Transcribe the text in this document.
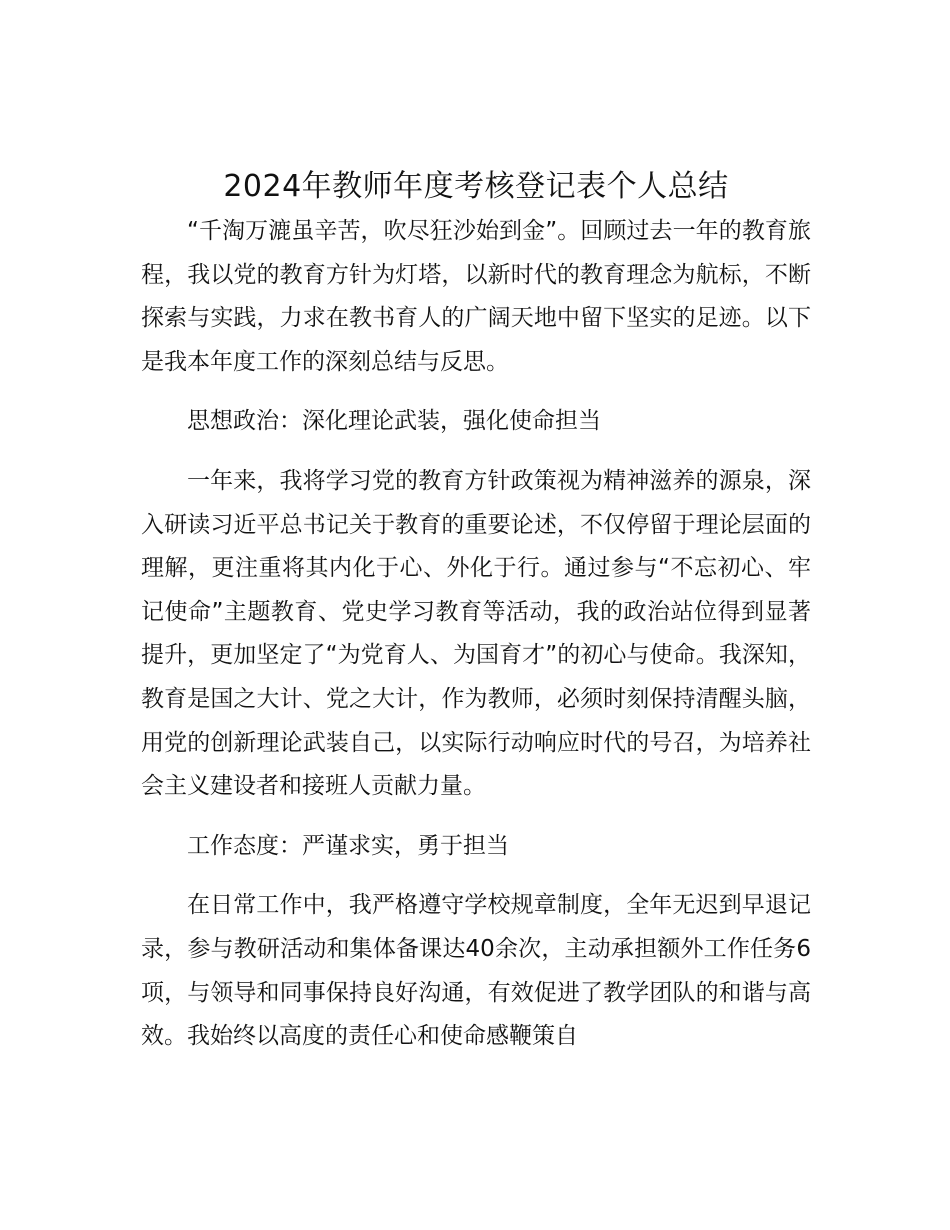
2024年教师年度考核登记表个人总结

“千淘万漉虽辛苦，吹尽狂沙始到金”。回顾过去一年的教育旅程，我以党的教育方针为灯塔，以新时代的教育理念为航标，不断探索与实践，力求在教书育人的广阔天地中留下坚实的足迹。以下是我本年度工作的深刻总结与反思。

思想政治：深化理论武装，强化使命担当

一年来，我将学习党的教育方针政策视为精神滋养的源泉，深入研读习近平总书记关于教育的重要论述，不仅停留于理论层面的理解，更注重将其内化于心、外化于行。通过参与“不忘初心、牢记使命”主题教育、党史学习教育等活动，我的政治站位得到显著提升，更加坚定了“为党育人、为国育才”的初心与使命。我深知，教育是国之大计、党之大计，作为教师，必须时刻保持清醒头脑，用党的创新理论武装自己，以实际行动响应时代的号召，为培养社会主义建设者和接班人贡献力量。

工作态度：严谨求实，勇于担当

在日常工作中，我严格遵守学校规章制度，全年无迟到早退记录，参与教研活动和集体备课达40余次，主动承担额外工作任务6项，与领导和同事保持良好沟通，有效促进了教学团队的和谐与高效。我始终以高度的责任心和使命感鞭策自
